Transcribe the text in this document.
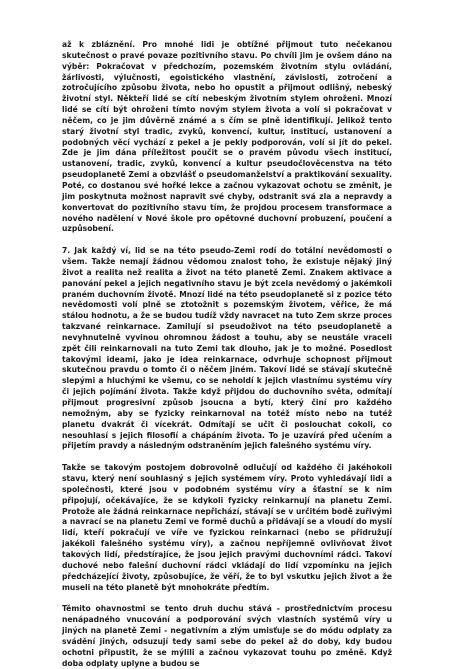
až k zbláznění. Pro mnohé lidi je obtížné přijmout tuto nečekanou skutečnost o pravé povaze pozitivního stavu. Po chvíli jim je ovšem dáno na výběr: Pokračovat v předchozím, pozemském životním stylu ovládání, žárlivosti, výlučnosti, egoistického vlastnění, závislosti, zotročení a zotročujícího způsobu života, nebo ho opustit a přijmout odlišný, nebeský životní styl. Někteří lidé se cítí nebeským životním stylem ohroženi. Mnozí lidé se cítí být ohroženi tímto novým stylem života a volí si pokračovat v něčem, co je jim důvěrně známé a s čím se plně identifikují. Jelikož tento starý životní styl tradic, zvyků, konvencí, kultur, institucí, ustanovení a podobných věcí vychází z pekel a je pekly podporován, volí si jít do pekel. Zde je jim dána příležitost poučit se o pravém původu všech institucí, ustanovení, tradic, zvyků, konvencí a kultur pseudočlověcenstva na této pseudoplanetě Zemi a obzvlášť o pseudomanželství a praktikování sexuality. Poté, co dostanou své hořké lekce a začnou vykazovat ochotu se změnit, je jim poskytnuta možnost napravit své chyby, odstranit svá zla a nepravdy a konvertovat do pozitivního stavu tím, že projdou procesem transformace a nového nadělení v Nové škole pro opětovné duchovní probuzení, poučení a uzpůsobení.

7. Jak každý ví, lid se na této pseudo-Zemi rodí do totální nevědomosti o všem. Takže nemají žádnou vědomou znalost toho, že existuje nějaký jiný život a realita než realita a život na této planetě Zemi. Znakem aktivace a panování pekel a jejich negativního stavu je být zcela nevědomý o jakémkoli praném duchovním životě. Mnozí lidé na této pseudoplanetě si z pozice této nevědomosti volí plně se ztotožnit s pozemským životem, věřice, že má stálou hodnotu, a že se budou tudíž vždy navracet na tuto Zem skrze proces takzvané reinkarnace. Zamilují si pseudoživot na této pseudoplanetě a nevyhnutelně vyvinou ohromnou žádost a touhu, aby se neustále vraceli zpět čili reinkarnovali na tuto Zemi tak dlouho, jak je to možné. Posedlost takovými ideami, jako je idea reinkarnace, odvrhuje schopnost přijmout skutečnou pravdu o tomto či o něčem jiném. Takoví lidé se stávají skutečně slepými a hluchými ke všemu, co se neholdí k jejich vlastnímu systému víry či jejich pojímání života. Takže když přijdou do duchovního světa, odmítají přijmout progresivní způsob jsoucna a bytí, který činí pro každého nemožným, aby se fyzicky reinkarnoval na totéž místo nebo na tutéž planetu dvakrát či vícekrát. Odmítají se učit či poslouchat cokoli, co nesouhlasí s jejich filosofií a chápáním života. To je uzavírá před učením a přijetím pravdy a následným odstraněním jejich falešného systému víry.

Takže se takovým postojem dobrovolně odlučují od každého či jakéhokoli stavu, který není souhlasný s jejich systémem víry. Proto vyhledávají lidi a společnosti, které jsou v podobném systému víry a šťastní se k nim připojují, očekávajíce, že se kdykoli fyzicky reinkarnují na planetu Zemi. Protože ale žádná reinkarnace nepřichází, stávají se v určitém bodě zuřivými a navrací se na planetu Zemi ve formě duchů a přidávají se a vloudí do myslí lidí, kteří pokračují ve víře ve fyzickou reinkarnaci (nebo se přidružují jakékoli falešného systému víry), a začnou nepříjemně ovlivňovat život takových lidí, předstírajíce, že jsou jejich pravými duchovními rádci. Takoví duchové nebo falešní duchovní rádci vkládají do lidí vzpomínku na jejich předcházející životy, způsobujíce, že věří, že to byl vskutku jejich život a že museli na této planetě být mnohokráte předtím.

Těmito ohavnostmi se tento druh duchu stává - prostřednictvím procesu nenápadného vnucování a podporování svých vlastních systémů víry u jiných na planetě Zemi - negativním a zlým umisťuje se do módu odplaty za svádění jiných, odsuzují tedy sami sebe do pekel až do doby, kdy budou ochotni připustit, že se mýlili a začnou vykazovat touhu po změně. Když doba odplaty uplyne a budou se
